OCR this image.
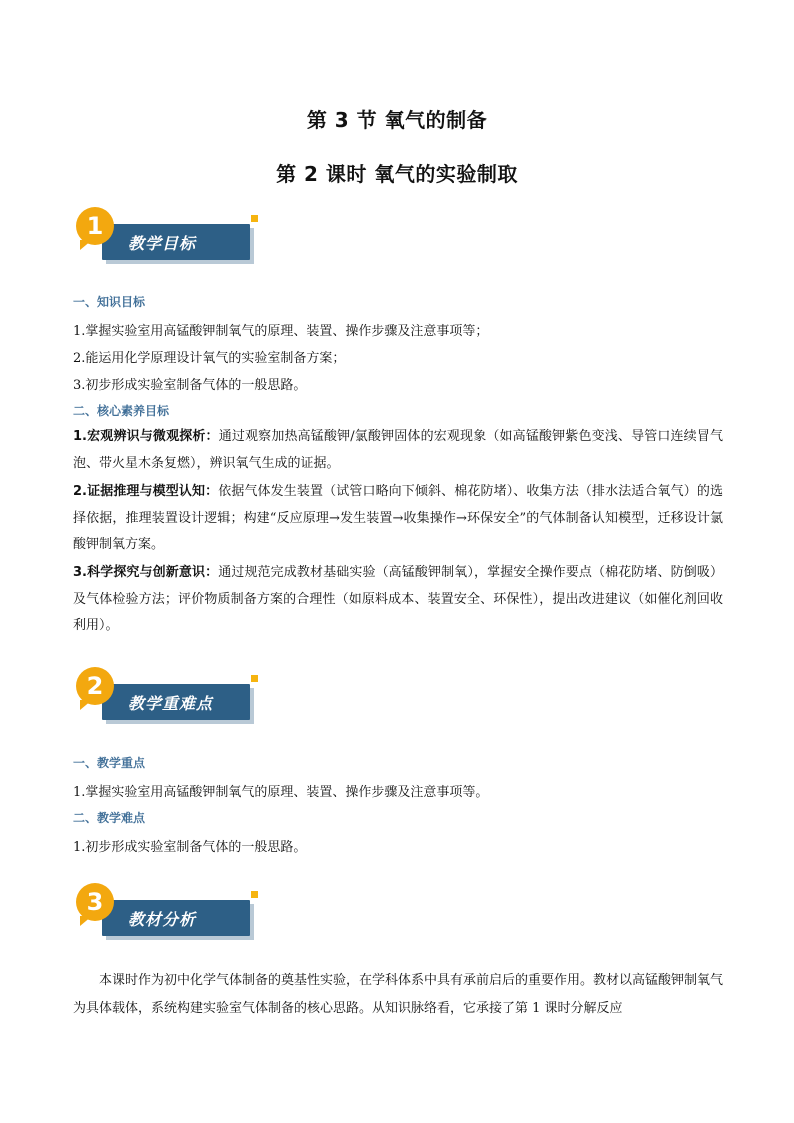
第 3 节 氧气的制备
第 2 课时 氧气的实验制取
1
教学目标
一、知识目标
1.掌握实验室用高锰酸钾制氧气的原理、装置、操作步骤及注意事项等；
2.能运用化学原理设计氧气的实验室制备方案；
3.初步形成实验室制备气体的一般思路。
二、核心素养目标
1.宏观辨识与微观探析：通过观察加热高锰酸钾/氯酸钾固体的宏观现象（如高锰酸钾紫色变浅、导管口连续冒气泡、带火星木条复燃），辨识氧气生成的证据。
2.证据推理与模型认知：依据气体发生装置（试管口略向下倾斜、棉花防堵）、收集方法（排水法适合氧气）的选择依据，推理装置设计逻辑；构建“反应原理→发生装置→收集操作→环保安全”的气体制备认知模型，迁移设计氯酸钾制氧方案。
3.科学探究与创新意识：通过规范完成教材基础实验（高锰酸钾制氧），掌握安全操作要点（棉花防堵、防倒吸）及气体检验方法；评价物质制备方案的合理性（如原料成本、装置安全、环保性），提出改进建议（如催化剂回收利用）。
2
教学重难点
一、教学重点
1.掌握实验室用高锰酸钾制氧气的原理、装置、操作步骤及注意事项等。
二、教学难点
1.初步形成实验室制备气体的一般思路。
3
教材分析
本课时作为初中化学气体制备的奠基性实验，在学科体系中具有承前启后的重要作用。教材以高锰酸钾制氧气为具体载体，系统构建实验室气体制备的核心思路。从知识脉络看，它承接了第 1 课时分解反应
